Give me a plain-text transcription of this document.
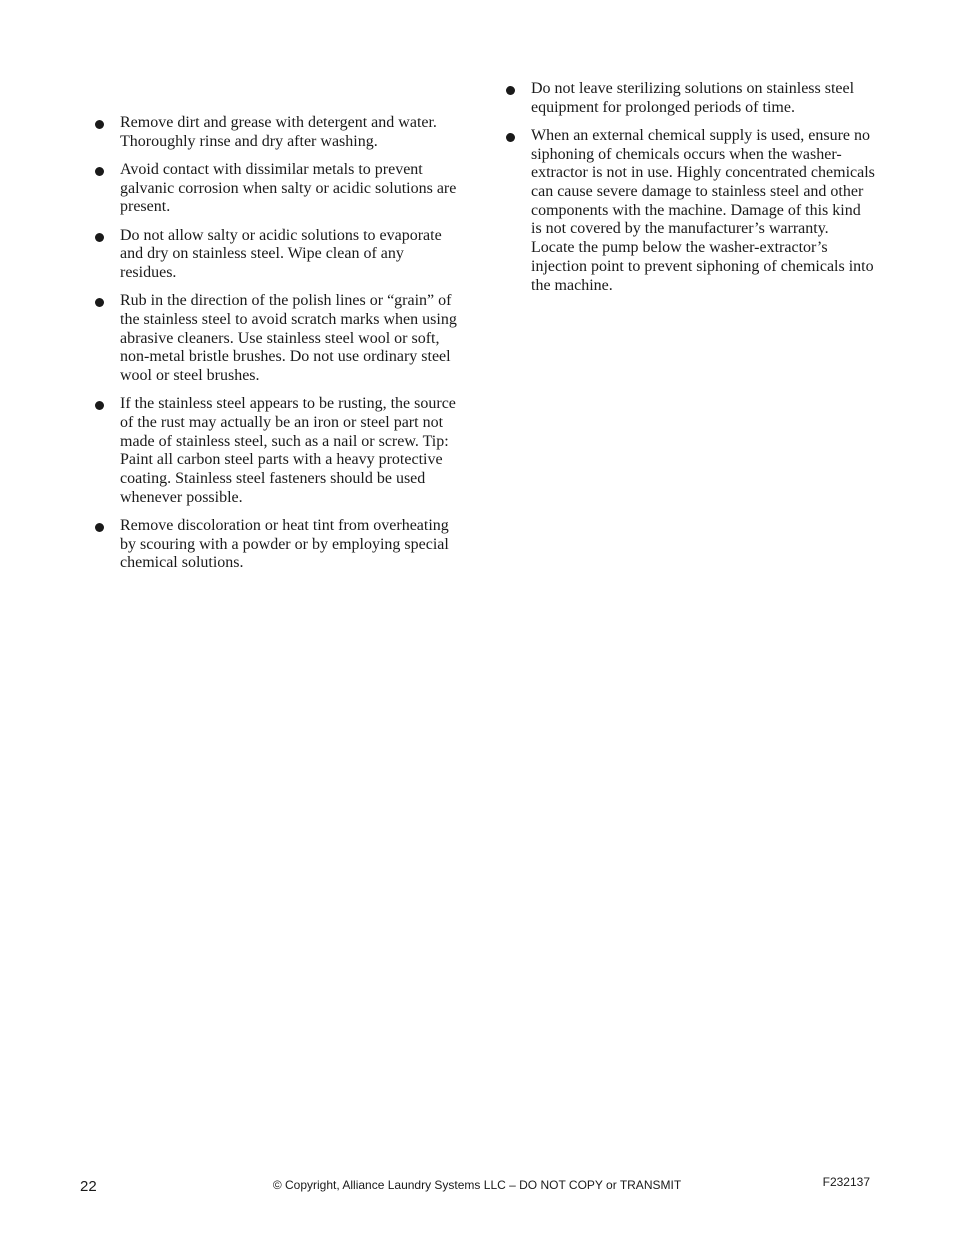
Remove dirt and grease with detergent and water. Thoroughly rinse and dry after washing.
Avoid contact with dissimilar metals to prevent galvanic corrosion when salty or acidic solutions are present.
Do not allow salty or acidic solutions to evaporate and dry on stainless steel. Wipe clean of any residues.
Rub in the direction of the polish lines or “grain” of the stainless steel to avoid scratch marks when using abrasive cleaners. Use stainless steel wool or soft, non-metal bristle brushes. Do not use ordinary steel wool or steel brushes.
If the stainless steel appears to be rusting, the source of the rust may actually be an iron or steel part not made of stainless steel, such as a nail or screw. Tip: Paint all carbon steel parts with a heavy protective coating. Stainless steel fasteners should be used whenever possible.
Remove discoloration or heat tint from overheating by scouring with a powder or by employing special chemical solutions.
Do not leave sterilizing solutions on stainless steel equipment for prolonged periods of time.
When an external chemical supply is used, ensure no siphoning of chemicals occurs when the washer-extractor is not in use. Highly concentrated chemicals can cause severe damage to stainless steel and other components with the machine. Damage of this kind is not covered by the manufacturer’s warranty. Locate the pump below the washer-extractor’s injection point to prevent siphoning of chemicals into the machine.
22	© Copyright, Alliance Laundry Systems LLC – DO NOT COPY or TRANSMIT	F232137
